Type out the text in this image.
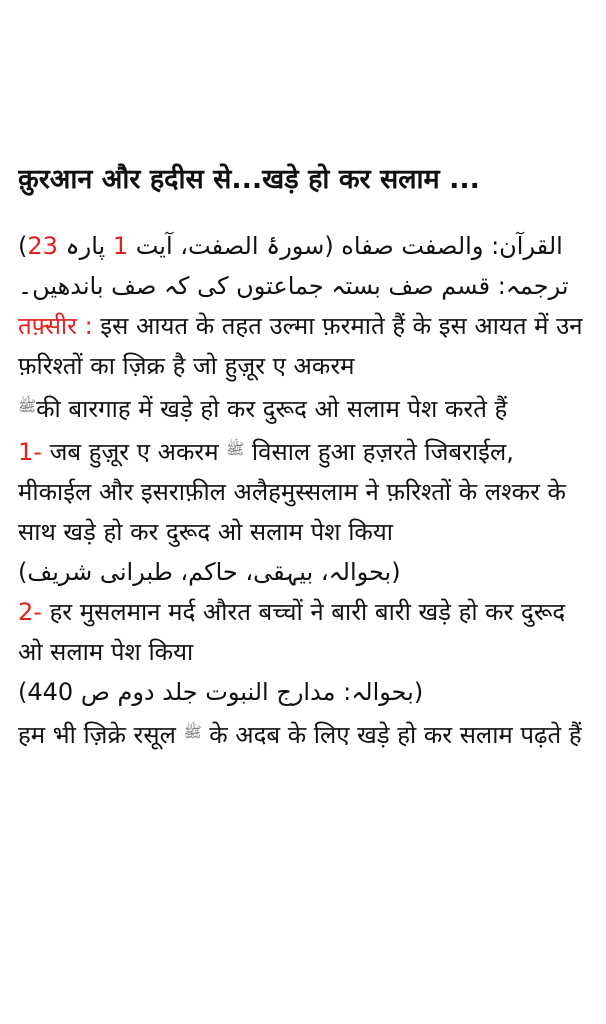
क़ुरआन और हदीस से...खड़े हो कर सलाम ...
القرآن: والصفت صفاه (سورۂ الصفت، آیت 1 پارہ 23)
ترجمہ: قسم صف بستہ جماعتوں کی کہ صف باندھیں۔
तफ़्सीर : इस आयत के तहत उल्मा फ़रमाते हैं के इस आयत में उन फ़रिश्तों का ज़िक्र है जो हुज़ूर ए अकरम
ﷺकी बारगाह में खड़े हो कर दुरूद ओ सलाम पेश करते हैं
1- जब हुज़ूर ए अकरम ﷺ विसाल हुआ हज़रते जिबराईल, मीकाईल और इसराफ़ील अलैहमुस्सलाम ने फ़रिश्तों के लश्कर के साथ खड़े हो कर दुरूद ओ सलाम पेश किया
(بحوالہ، بیہقی، حاکم، طبرانی شریف)
2- हर मुसलमान मर्द औरत बच्चों ने बारी बारी खड़े हो कर दुरूद ओ सलाम पेश किया
(بحوالہ: مدارج النبوت جلد دوم ص 440)
हम भी ज़िक्रे रसूल ﷺ के अदब के लिए खड़े हो कर सलाम पढ़ते हैं
